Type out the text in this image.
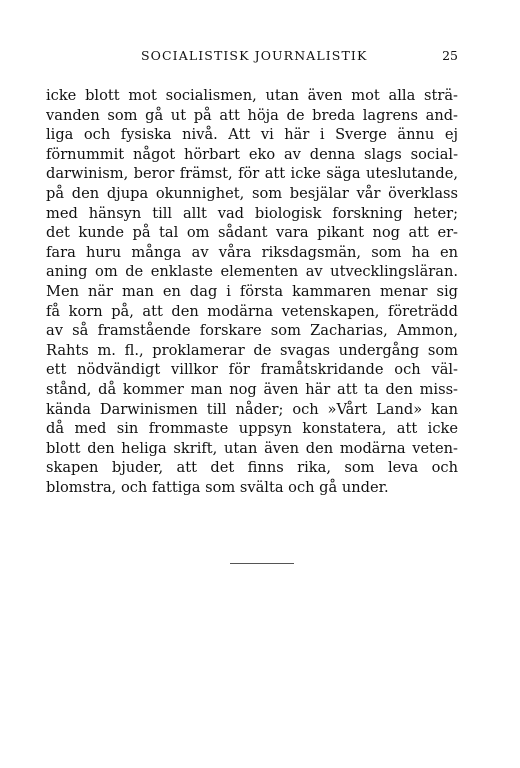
SOCIALISTISK JOURNALISTIK	25
icke blott mot socialismen, utan även mot alla strä-
vanden som gå ut på att höja de breda lagrens and-
liga och fysiska nivå. Att vi här i Sverge ännu ej
förnummit något hörbart eko av denna slags social-
darwinism, beror främst, för att icke säga uteslutande,
på den djupa okunnighet, som besjälar vår överklass
med hänsyn till allt vad biologisk forskning heter;
det kunde på tal om sådant vara pikant nog att er-
fara huru många av våra riksdagsmän, som ha en
aning om de enklaste elementen av utvecklingsläran.
Men när man en dag i första kammaren menar sig
få korn på, att den modärna vetenskapen, företrädd
av så framstående forskare som Zacharias, Ammon,
Rahts m. fl., proklamerar de svagas undergång som
ett nödvändigt villkor för framåtskridande och väl-
stånd, då kommer man nog även här att ta den miss-
kända Darwinismen till nåder; och »Vårt Land» kan
då med sin frommaste uppsyn konstatera, att icke
blott den heliga skrift, utan även den modärna veten-
skapen bjuder, att det finns rika, som leva och
blomstra, och fattiga som svälta och gå under.
